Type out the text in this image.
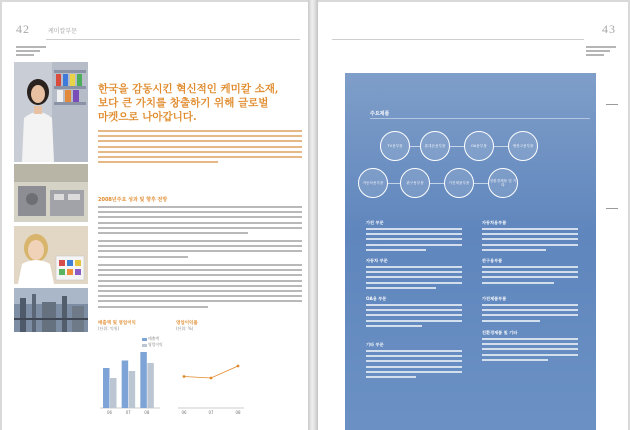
42	케미칼부문
한국을 감동시킨 혁신적인 케미칼 소재,
보다 큰 가치를 창출하기 위해 글로벌
마켓으로 나아갑니다.
2008년주요 성과 및 향후 전망
매출액 및 영업이익
(단위: 억원)
매출액
영업이익
06	07	08
영업이익률
(단위: %)
06	07	08
43
주요제품
TV용부품	휴대폰용부품	OA용부품	냉장고용부품
자동차용부품	완구용부품	가전제품부품
친환경제품 및 기타
가전 부문
자동차 부문
OA용 부문
기타 부문
자동차용부품
완구용부품
가전제품부품
친환경제품 및 기타
